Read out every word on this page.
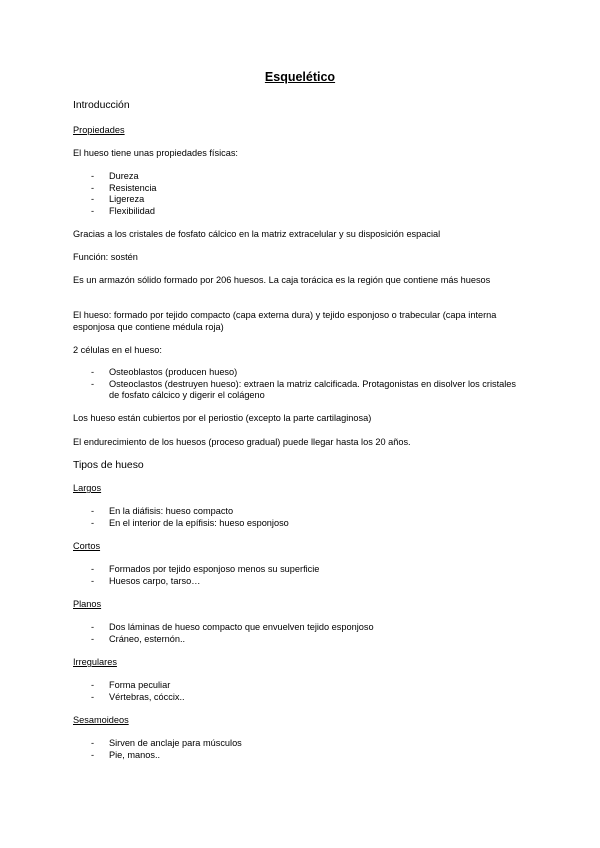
Esquelético
Introducción
Propiedades
El hueso tiene unas propiedades físicas:
- Dureza
- Resistencia
- Ligereza
- Flexibilidad
Gracias a los cristales de fosfato cálcico en la matriz extracelular y su disposición espacial
Función: sostén
Es un armazón sólido formado por 206 huesos. La caja torácica es la región que contiene más huesos
El hueso: formado por tejido compacto (capa externa dura) y tejido esponjoso o trabecular (capa interna esponjosa que contiene médula roja)
2 células en el hueso:
- Osteoblastos (producen hueso)
- Osteoclastos (destruyen hueso): extraen la matriz calcificada. Protagonistas en disolver los cristales de fosfato cálcico y digerir el colágeno
Los hueso están cubiertos por el periostio (excepto la parte cartilaginosa)
El endurecimiento de los huesos (proceso gradual) puede llegar hasta los 20 años.
Tipos de hueso
Largos
- En la diáfisis: hueso compacto
- En el interior de la epífisis: hueso esponjoso
Cortos
- Formados por tejido esponjoso menos su superficie
- Huesos carpo, tarso…
Planos
- Dos láminas de hueso compacto que envuelven tejido esponjoso
- Cráneo, esternón..
Irregulares
- Forma peculiar
- Vértebras, cóccix..
Sesamoideos
- Sirven de anclaje para músculos
- Pie, manos..
